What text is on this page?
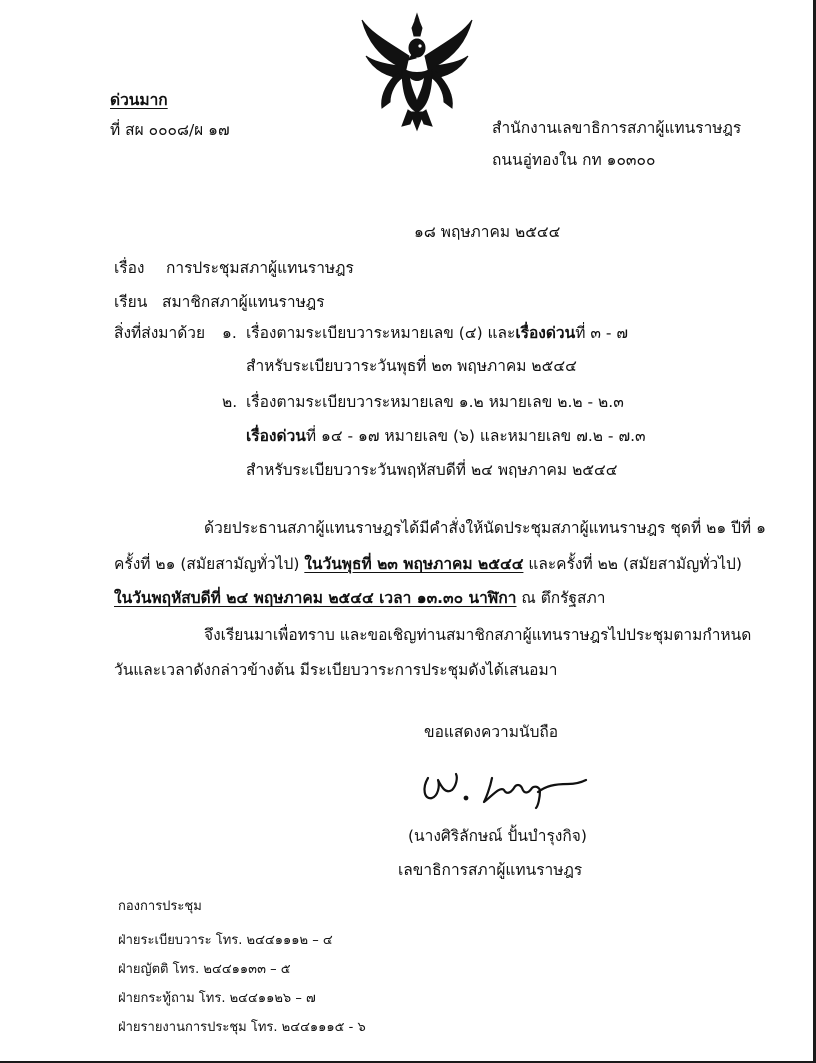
ด่วนมาก
ที่ สผ ๐๐๐๘/ผ ๑๗	สำนักงานเลขาธิการสภาผู้แทนราษฎร
ถนนอู่ทองใน กท ๑๐๓๐๐
๑๘ พฤษภาคม ๒๕๔๔
เรื่อง การประชุมสภาผู้แทนราษฎร
เรียน สมาชิกสภาผู้แทนราษฎร
สิ่งที่ส่งมาด้วย ๑. เรื่องตามระเบียบวาระหมายเลข (๔) และเรื่องด่วนที่ ๓ - ๗
สำหรับระเบียบวาระวันพุธที่ ๒๓ พฤษภาคม ๒๕๔๔
๒. เรื่องตามระเบียบวาระหมายเลข ๑.๒ หมายเลข ๒.๒ - ๒.๓
เรื่องด่วนที่ ๑๔ - ๑๗ หมายเลข (๖) และหมายเลข ๗.๒ - ๗.๓
สำหรับระเบียบวาระวันพฤหัสบดีที่ ๒๔ พฤษภาคม ๒๕๔๔
ด้วยประธานสภาผู้แทนราษฎรได้มีคำสั่งให้นัดประชุมสภาผู้แทนราษฎร ชุดที่ ๒๑ ปีที่ ๑
ครั้งที่ ๒๑ (สมัยสามัญทั่วไป) ในวันพุธที่ ๒๓ พฤษภาคม ๒๕๔๔ และครั้งที่ ๒๒ (สมัยสามัญทั่วไป)
ในวันพฤหัสบดีที่ ๒๔ พฤษภาคม ๒๕๔๔ เวลา ๑๓.๓๐ นาฬิกา ณ ตึกรัฐสภา
จึงเรียนมาเพื่อทราบ และขอเชิญท่านสมาชิกสภาผู้แทนราษฎรไปประชุมตามกำหนด
วันและเวลาดังกล่าวข้างต้น มีระเบียบวาระการประชุมดังได้เสนอมา
ขอแสดงความนับถือ
(นางศิริลักษณ์ ปั้นบำรุงกิจ)
เลขาธิการสภาผู้แทนราษฎร
กองการประชุม
ฝ่ายระเบียบวาระ โทร. ๒๔๔๑๑๑๒ – ๔
ฝ่ายญัตติ โทร. ๒๔๔๑๑๓๓ – ๕
ฝ่ายกระทู้ถาม โทร. ๒๔๔๑๑๒๖ – ๗
ฝ่ายรายงานการประชุม โทร. ๒๔๔๑๑๑๕ - ๖
